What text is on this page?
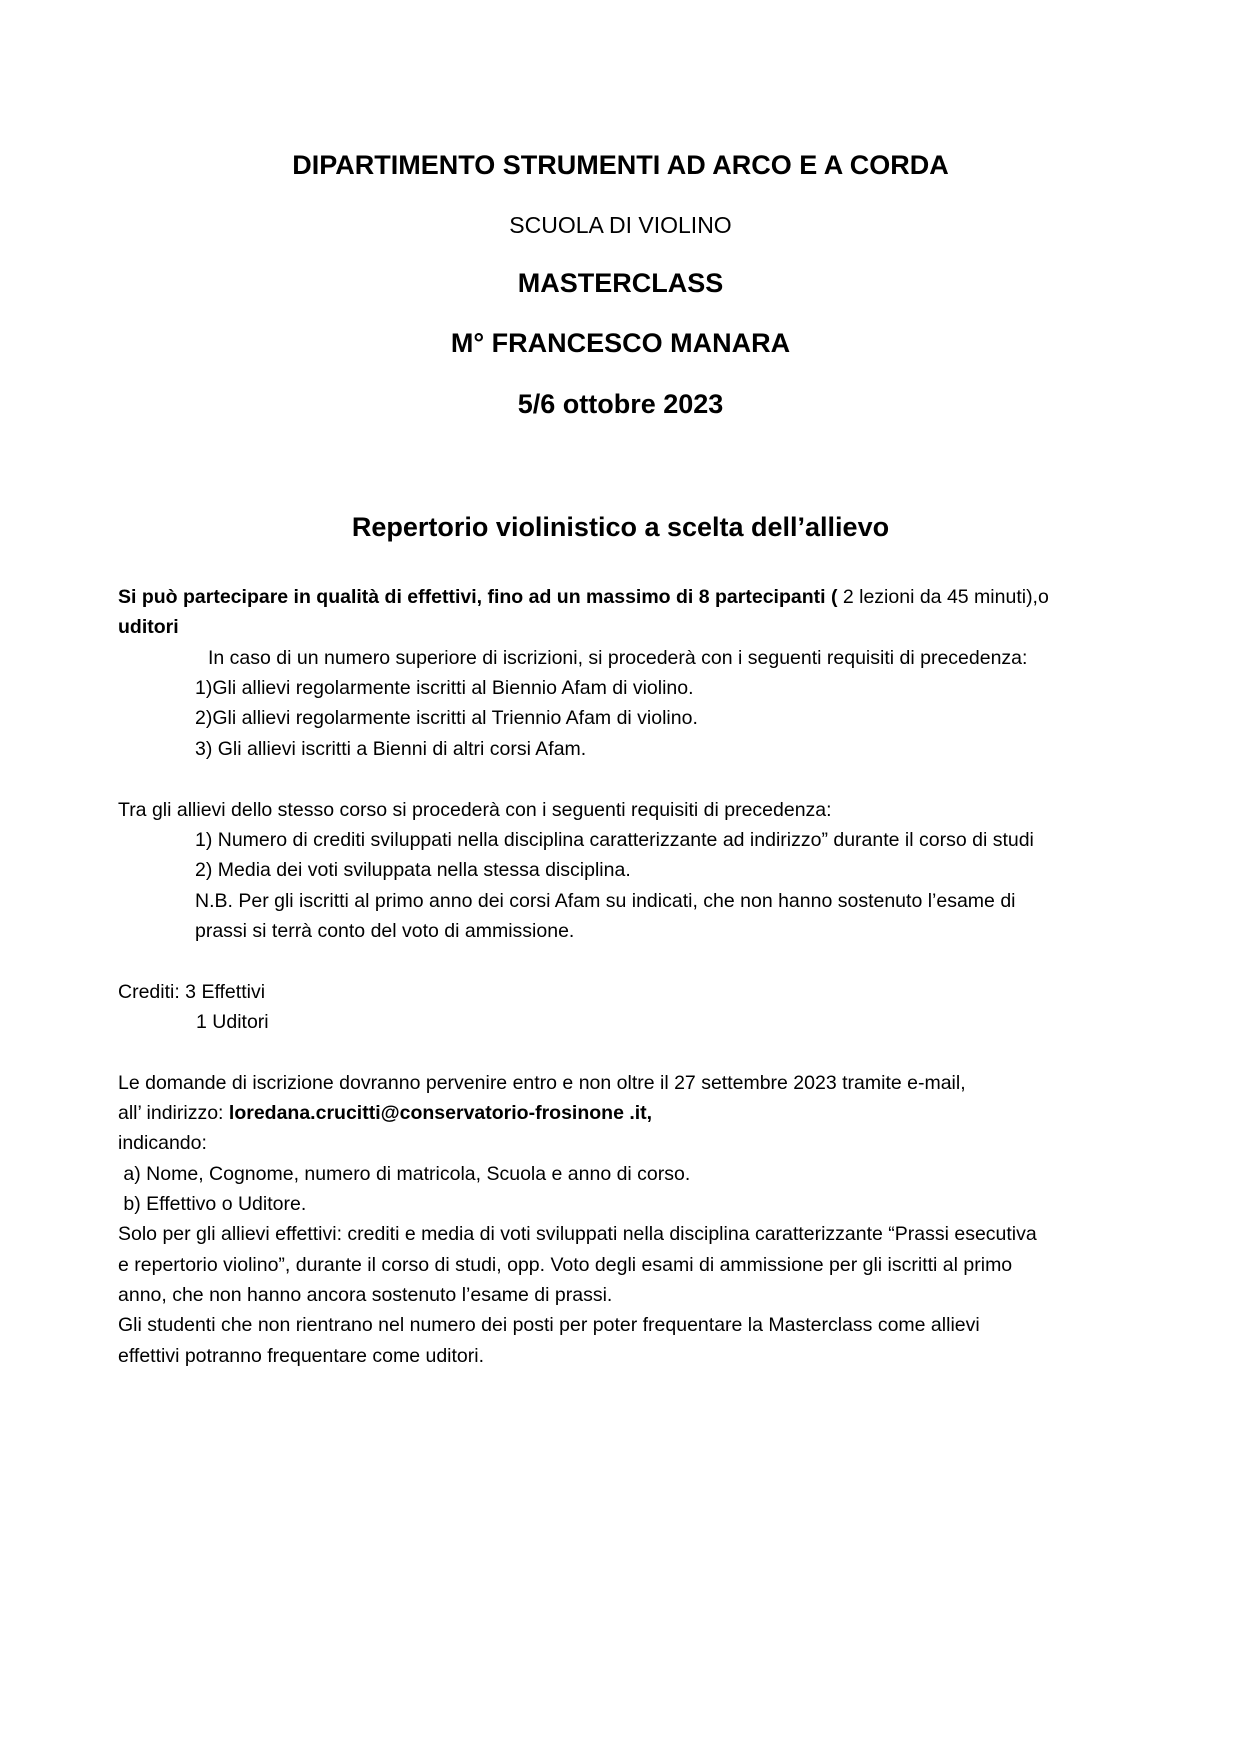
DIPARTIMENTO STRUMENTI AD ARCO E A CORDA
SCUOLA DI VIOLINO
MASTERCLASS
M° FRANCESCO MANARA
5/6 ottobre 2023
Repertorio violinistico a scelta dell’allievo
Si può partecipare in qualità di effettivi, fino ad un massimo di 8 partecipanti ( 2 lezioni da 45 minuti),o
uditori
In caso di un numero superiore di iscrizioni, si procederà con i seguenti requisiti di precedenza:
1)Gli allievi regolarmente iscritti al Biennio Afam di violino.
2)Gli allievi regolarmente iscritti al Triennio Afam di violino.
3) Gli allievi iscritti a Bienni di altri corsi Afam.
Tra gli allievi dello stesso corso si procederà con i seguenti requisiti di precedenza:
1) Numero di crediti sviluppati nella disciplina caratterizzante ad indirizzo” durante il corso di studi
2) Media dei voti sviluppata nella stessa disciplina.
N.B. Per gli iscritti al primo anno dei corsi Afam su indicati, che non hanno sostenuto l’esame di
prassi si terrà conto del voto di ammissione.
Crediti: 3 Effettivi
1 Uditori
Le domande di iscrizione dovranno pervenire entro e non oltre il 27 settembre 2023 tramite e-mail,
all’ indirizzo: loredana.crucitti@conservatorio-frosinone .it,
indicando:
a) Nome, Cognome, numero di matricola, Scuola e anno di corso.
b) Effettivo o Uditore.
Solo per gli allievi effettivi: crediti e media di voti sviluppati nella disciplina caratterizzante “Prassi esecutiva
e repertorio violino”, durante il corso di studi, opp. Voto degli esami di ammissione per gli iscritti al primo
anno, che non hanno ancora sostenuto l’esame di prassi.
Gli studenti che non rientrano nel numero dei posti per poter frequentare la Masterclass come allievi
effettivi potranno frequentare come uditori.
